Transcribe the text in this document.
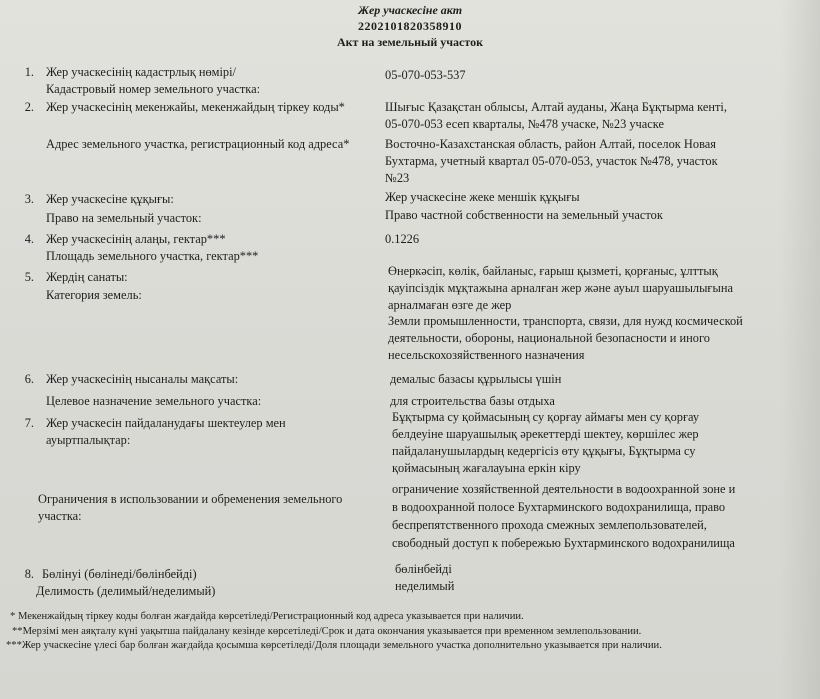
Жер учаскесіне акт
2202101820358910
Акт на земельный участок
1. Жер учаскесінің кадастрлық нөмірі/
Кадастровый номер земельного участка:
05-070-053-537
2. Жер учаскесінің мекенжайы, мекенжайдың тіркеу коды*	Шығыс Қазақстан облысы, Алтай ауданы, Жаңа Бұқтырма кенті,
05-070-053 есеп кварталы, №478 учаске, №23 учаске
Адрес земельного участка, регистрационный код адреса*	Восточно-Казахстанская область, район Алтай, поселок Новая
Бухтарма, учетный квартал 05-070-053, участок №478, участок
№23
3. Жер учаскесіне құқығы:	Жер учаскесіне жеке меншік құқығы
Право на земельный участок:	Право частной собственности на земельный участок
4. Жер учаскесінің алаңы, гектар***
Площадь земельного участка, гектар***
0.1226
5. Жердің санаты:
Категория земель:
Өнеркәсіп, көлік, байланыс, ғарыш қызметі, қорғаныс, ұлттық
қауіпсіздік мұқтажына арналған жер және ауыл шаруашылығына
арналмаған өзге де жер
Земли промышленности, транспорта, связи, для нужд космической
деятельности, обороны, национальной безопасности и иного
несельскохозяйственного назначения
6. Жер учаскесінің нысаналы мақсаты:	демалыс базасы құрылысы үшін
Целевое назначение земельного участка:	для строительства базы отдыха
7. Жер учаскесін пайдаланудағы шектеулер мен
ауыртпалықтар:
Бұқтырма су қоймасының су қорғау аймағы мен су қорғау
белдеуіне шаруашылық әрекеттерді шектеу, көршілес жер
пайдаланушылардың кедергісіз өту құқығы, Бұқтырма су
қоймасының жағалауына еркін кіру
Ограничения в использовании и обременения земельного
участка:
ограничение хозяйственной деятельности в водоохранной зоне и
в водоохранной полосе Бухтарминского водохранилища, право
беспрепятственного прохода смежных землепользователей,
свободный доступ к побережью Бухтарминского водохранилища
8. Бөлінуі (бөлінеді/бөлінбейді)	бөлінбейді
Делимость (делимый/неделимый)	неделимый
* Мекенжайдың тіркеу коды болған жағдайда көрсетіледі/Регистрационный код адреса указывается при наличии.
**Мерзімі мен аяқталу күні уақытша пайдалану кезінде көрсетіледі/Срок и дата окончания указывается при временном землепользовании.
***Жер учаскесіне үлесі бар болған жағдайда қосымша көрсетіледі/Доля площади земельного участка дополнительно указывается при наличии.
